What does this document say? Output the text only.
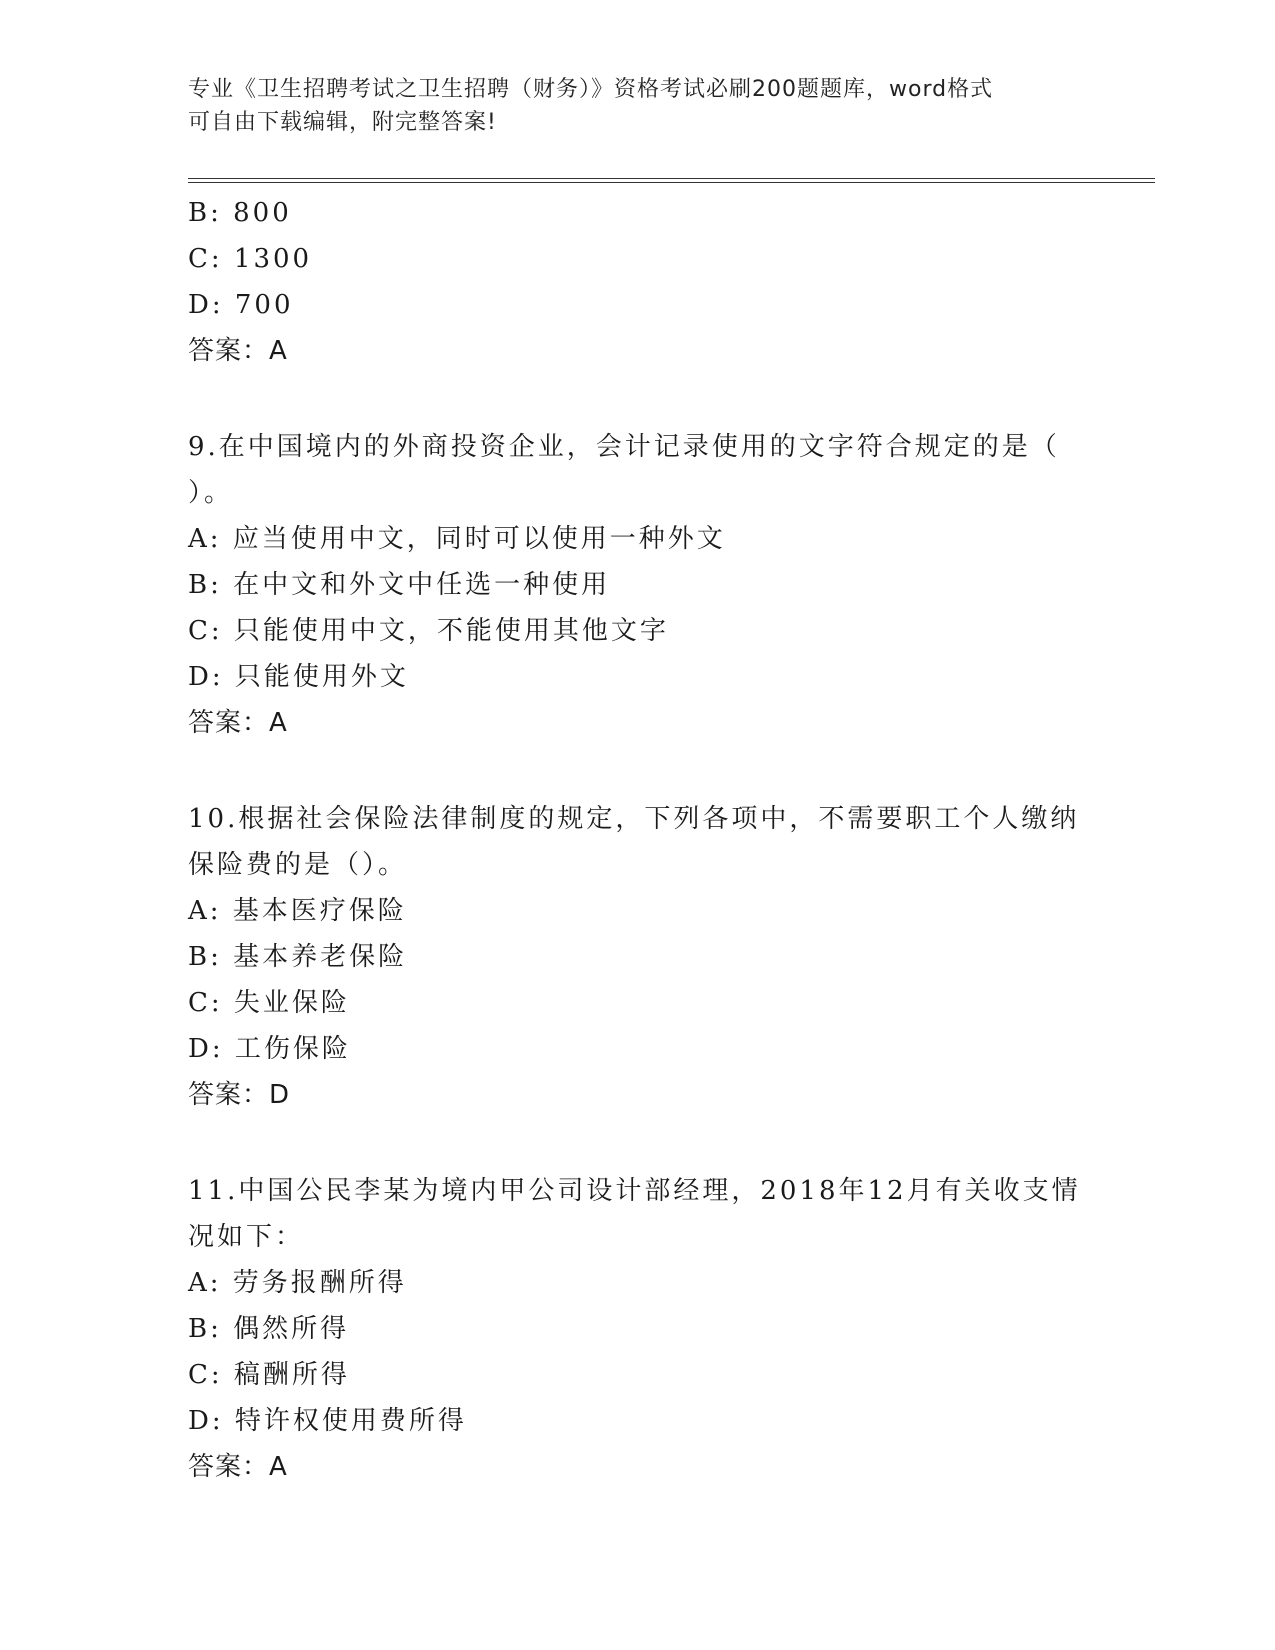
专业《卫生招聘考试之卫生招聘（财务）》资格考试必刷200题题库，word格式
可自由下载编辑，附完整答案!
B: 800
C: 1300
D: 700
答案：A
9.在中国境内的外商投资企业，会计记录使用的文字符合规定的是（
）。
A: 应当使用中文，同时可以使用一种外文
B: 在中文和外文中任选一种使用
C: 只能使用中文，不能使用其他文字
D: 只能使用外文
答案：A
10.根据社会保险法律制度的规定，下列各项中，不需要职工个人缴纳
保险费的是（）。
A: 基本医疗保险
B: 基本养老保险
C: 失业保险
D: 工伤保险
答案：D
11.中国公民李某为境内甲公司设计部经理，2018年12月有关收支情
况如下：
A: 劳务报酬所得
B: 偶然所得
C: 稿酬所得
D: 特许权使用费所得
答案：A
